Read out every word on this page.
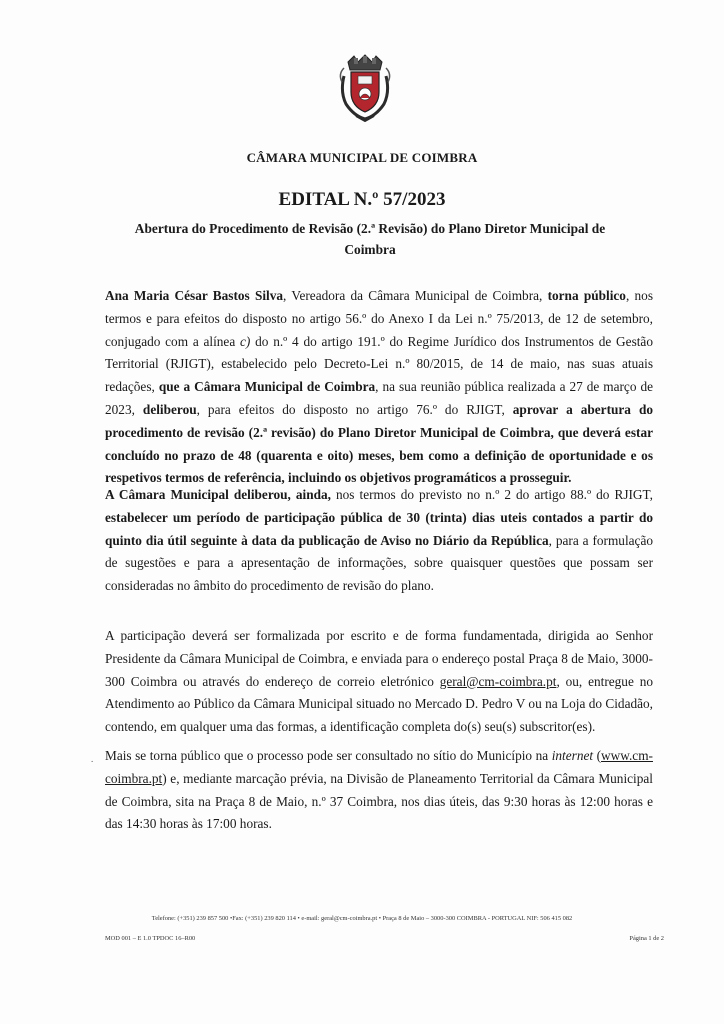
CÂMARA MUNICIPAL DE COIMBRA
EDITAL N.º 57/2023
Abertura do Procedimento de Revisão (2.ª Revisão) do Plano Diretor Municipal de Coimbra
Ana Maria César Bastos Silva, Vereadora da Câmara Municipal de Coimbra, torna público, nos termos e para efeitos do disposto no artigo 56.º do Anexo I da Lei n.º 75/2013, de 12 de setembro, conjugado com a alínea c) do n.º 4 do artigo 191.º do Regime Jurídico dos Instrumentos de Gestão Territorial (RJIGT), estabelecido pelo Decreto-Lei n.º 80/2015, de 14 de maio, nas suas atuais redações, que a Câmara Municipal de Coimbra, na sua reunião pública realizada a 27 de março de 2023, deliberou, para efeitos do disposto no artigo 76.º do RJIGT, aprovar a abertura do procedimento de revisão (2.ª revisão) do Plano Diretor Municipal de Coimbra, que deverá estar concluído no prazo de 48 (quarenta e oito) meses, bem como a definição de oportunidade e os respetivos termos de referência, incluindo os objetivos programáticos a prosseguir.
A Câmara Municipal deliberou, ainda, nos termos do previsto no n.º 2 do artigo 88.º do RJIGT, estabelecer um período de participação pública de 30 (trinta) dias uteis contados a partir do quinto dia útil seguinte à data da publicação de Aviso no Diário da República, para a formulação de sugestões e para a apresentação de informações, sobre quaisquer questões que possam ser consideradas no âmbito do procedimento de revisão do plano.
A participação deverá ser formalizada por escrito e de forma fundamentada, dirigida ao Senhor Presidente da Câmara Municipal de Coimbra, e enviada para o endereço postal Praça 8 de Maio, 3000-300 Coimbra ou através do endereço de correio eletrónico geral@cm-coimbra.pt, ou, entregue no Atendimento ao Público da Câmara Municipal situado no Mercado D. Pedro V ou na Loja do Cidadão, contendo, em qualquer uma das formas, a identificação completa do(s) seu(s) subscritor(es).
. Mais se torna público que o processo pode ser consultado no sítio do Município na internet (www.cm-coimbra.pt) e, mediante marcação prévia, na Divisão de Planeamento Territorial da Câmara Municipal de Coimbra, sita na Praça 8 de Maio, n.º 37 Coimbra, nos dias úteis, das 9:30 horas às 12:00 horas e das 14:30 horas às 17:00 horas.
Telefone: (+351) 239 857 500 •Fax: (+351) 239 820 114 • e-mail: geral@cm-coimbra.pt • Praça 8 de Maio – 3000-300 COIMBRA - PORTUGAL NIF: 506 415 082
MOD 001 – E 1.0 TPDOC 16–R00	Página 1 de 2
